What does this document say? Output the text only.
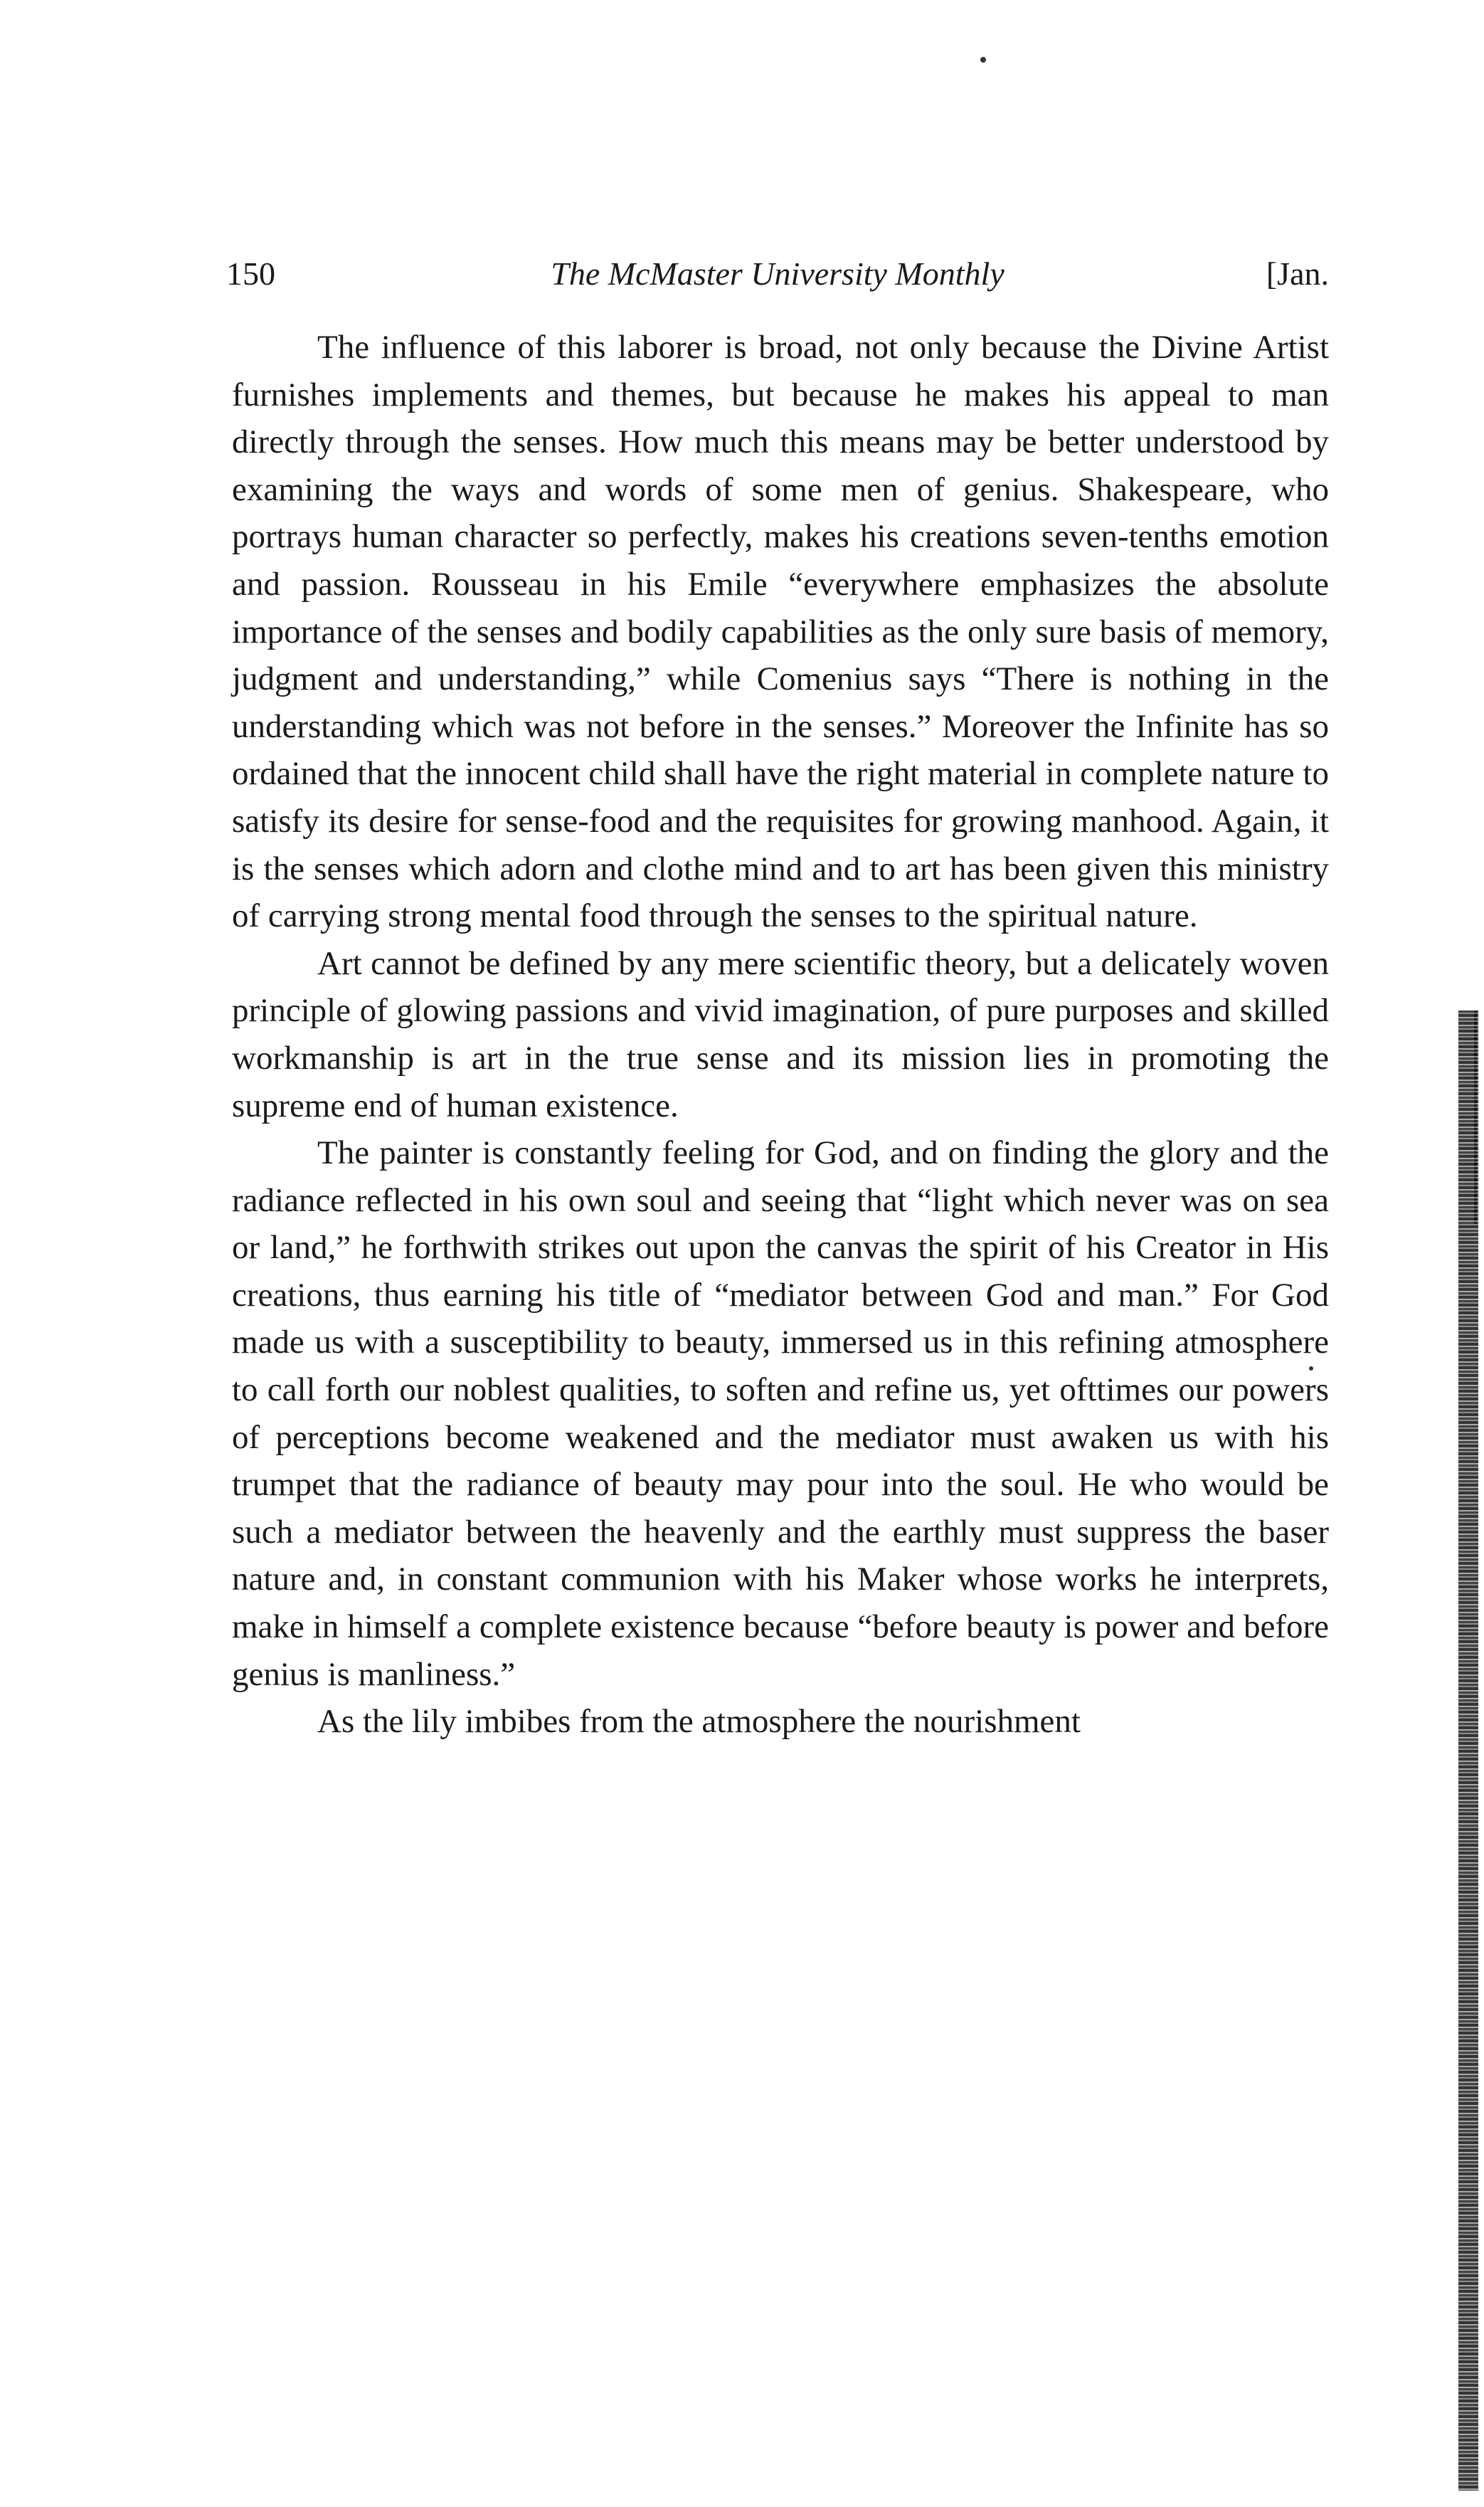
150	The McMaster University Monthly	[Jan.

The influence of this laborer is broad, not only because the Divine Artist furnishes implements and themes, but because he makes his appeal to man directly through the senses. How much this means may be better understood by examining the ways and words of some men of genius. Shakespeare, who portrays human character so perfectly, makes his creations seven-tenths emotion and passion. Rousseau in his Emile “everywhere emphasizes the absolute importance of the senses and bodily capabilities as the only sure basis of memory, judgment and understanding,” while Comenius says “There is nothing in the understanding which was not before in the senses.” Moreover the Infinite has so ordained that the innocent child shall have the right material in complete nature to satisfy its desire for sense-food and the requisites for growing manhood. Again, it is the senses which adorn and clothe mind and to art has been given this ministry of carrying strong mental food through the senses to the spiritual nature.

Art cannot be defined by any mere scientific theory, but a delicately woven principle of glowing passions and vivid imagination, of pure purposes and skilled workmanship is art in the true sense and its mission lies in promoting the supreme end of human existence.

The painter is constantly feeling for God, and on finding the glory and the radiance reflected in his own soul and seeing that “light which never was on sea or land,” he forthwith strikes out upon the canvas the spirit of his Creator in His creations, thus earning his title of “mediator between God and man.” For God made us with a susceptibility to beauty, immersed us in this refining atmosphere to call forth our noblest qualities, to soften and refine us, yet ofttimes our powers of perceptions become weakened and the mediator must awaken us with his trumpet that the radiance of beauty may pour into the soul. He who would be such a mediator between the heavenly and the earthly must suppress the baser nature and, in constant communion with his Maker whose works he interprets, make in himself a complete existence because “before beauty is power and before genius is manliness.”

As the lily imbibes from the atmosphere the nourishment
